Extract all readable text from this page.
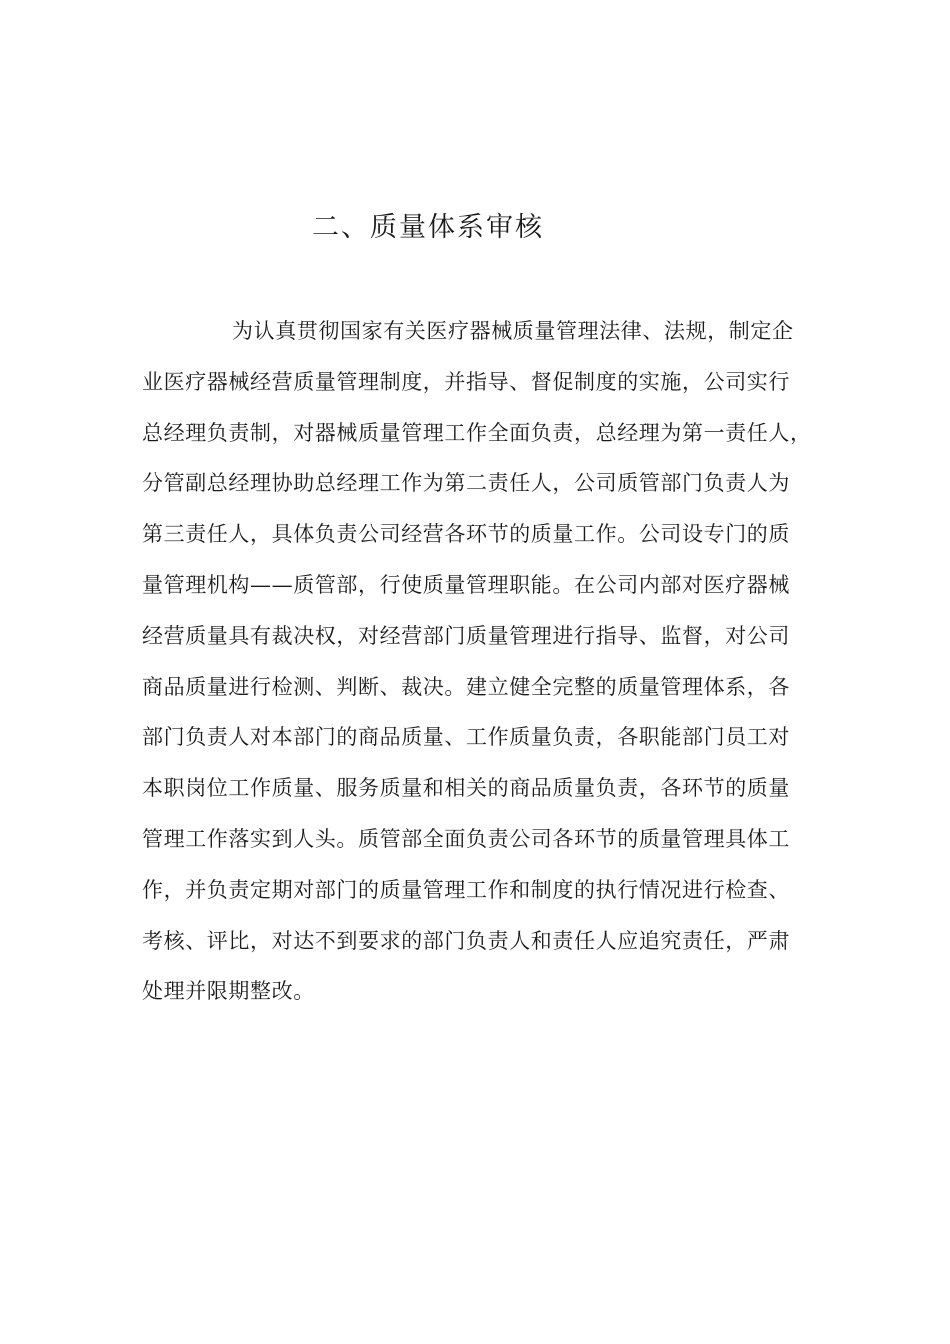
二、质量体系审核
为认真贯彻国家有关医疗器械质量管理法律、法规，制定企
业医疗器械经营质量管理制度，并指导、督促制度的实施，公司实行
总经理负责制，对器械质量管理工作全面负责，总经理为第一责任人，
分管副总经理协助总经理工作为第二责任人，公司质管部门负责人为
第三责任人，具体负责公司经营各环节的质量工作。公司设专门的质
量管理机构——质管部，行使质量管理职能。在公司内部对医疗器械
经营质量具有裁决权，对经营部门质量管理进行指导、监督，对公司
商品质量进行检测、判断、裁决。建立健全完整的质量管理体系，各
部门负责人对本部门的商品质量、工作质量负责，各职能部门员工对
本职岗位工作质量、服务质量和相关的商品质量负责，各环节的质量
管理工作落实到人头。质管部全面负责公司各环节的质量管理具体工
作，并负责定期对部门的质量管理工作和制度的执行情况进行检查、
考核、评比，对达不到要求的部门负责人和责任人应追究责任，严肃
处理并限期整改。
